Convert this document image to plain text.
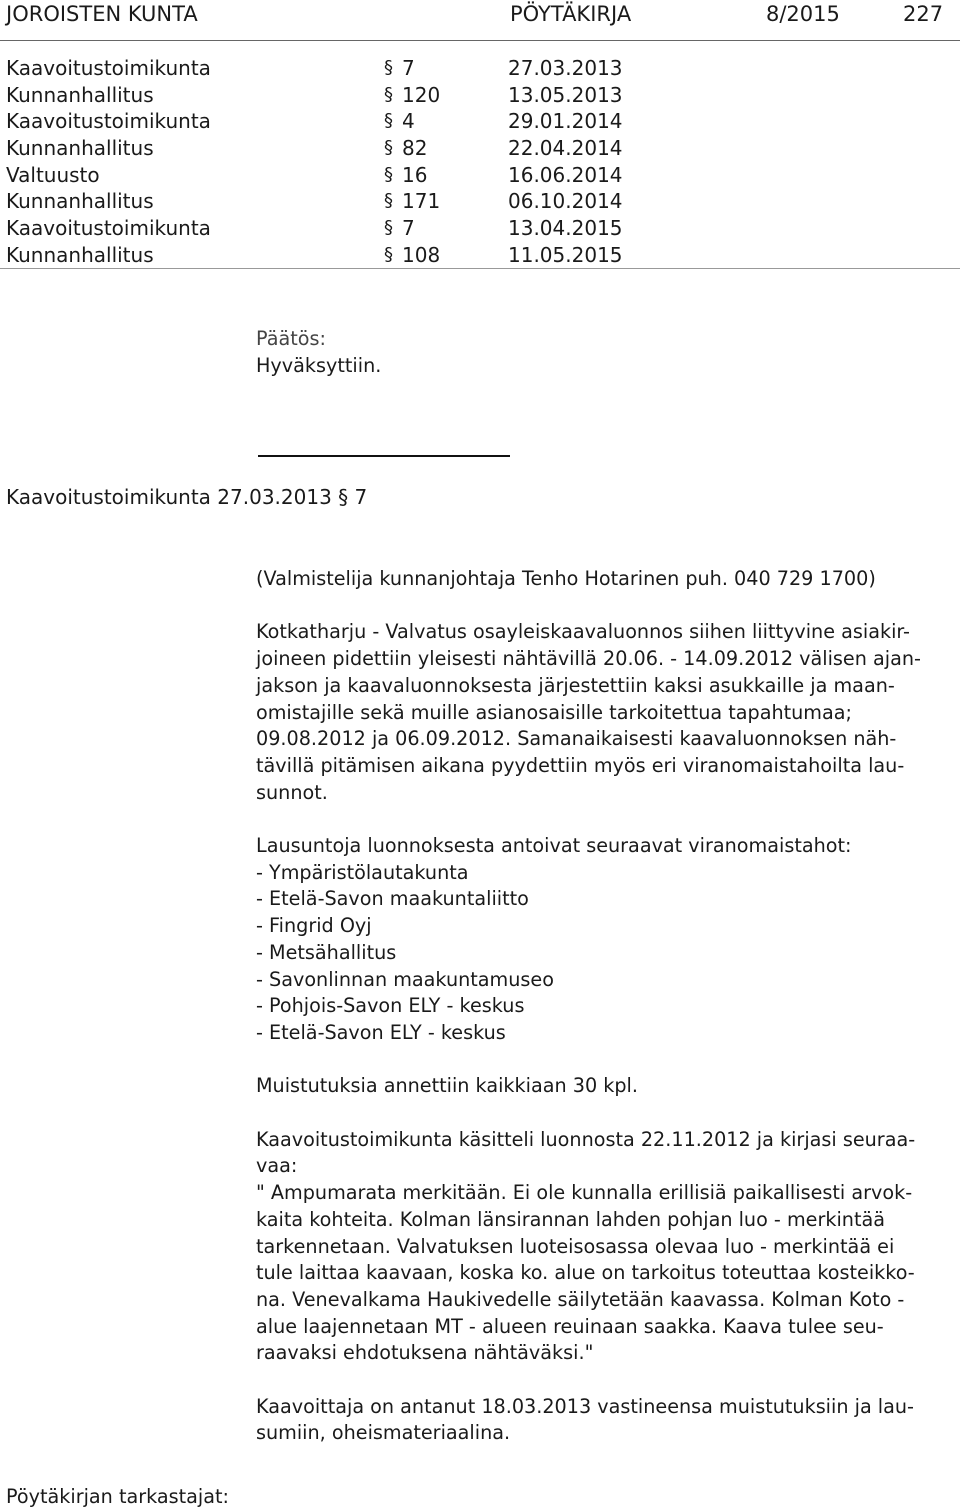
JOROISTEN KUNTA	PÖYTÄKIRJA	8/2015	227
Kaavoitustoimikunta	§ 7	27.03.2013
Kunnanhallitus	§ 120	13.05.2013
Kaavoitustoimikunta	§ 4	29.01.2014
Kunnanhallitus	§ 82	22.04.2014
Valtuusto	§ 16	16.06.2014
Kunnanhallitus	§ 171	06.10.2014
Kaavoitustoimikunta	§ 7	13.04.2015
Kunnanhallitus	§ 108	11.05.2015

Päätös:

Hyväksyttiin.

Kaavoitustoimikunta 27.03.2013 § 7
(Valmistelija kunnanjohtaja Tenho Hotarinen puh. 040 729 1700)
Kotkatharju - Valvatus osayleiskaavaluonnos siihen liittyvine asiakir-
joineen pidettiin yleisesti nähtävillä 20.06. - 14.09.2012 välisen ajan-
jakson ja kaavaluonnoksesta järjestettiin kaksi asukkaille ja maan-
omistajille sekä muille asianosaisille tarkoitettua tapahtumaa;
09.08.2012 ja 06.09.2012. Samanaikaisesti kaavaluonnoksen näh-
tävillä pitämisen aikana pyydettiin myös eri viranomaistahoilta lau-
sunnot.
Lausuntoja luonnoksesta antoivat seuraavat viranomaistahot:
- Ympäristölautakunta
- Etelä-Savon maakuntaliitto
- Fingrid Oyj
- Metsähallitus
- Savonlinnan maakuntamuseo
- Pohjois-Savon ELY - keskus
- Etelä-Savon ELY - keskus
Muistutuksia annettiin kaikkiaan 30 kpl.
Kaavoitustoimikunta käsitteli luonnosta 22.11.2012 ja kirjasi seuraa-
vaa:
" Ampumarata merkitään. Ei ole kunnalla erillisiä paikallisesti arvok-
kaita kohteita. Kolman länsirannan lahden pohjan luo - merkintää
tarkennetaan. Valvatuksen luoteisosassa olevaa luo - merkintää ei
tule laittaa kaavaan, koska ko. alue on tarkoitus toteuttaa kosteikko-
na. Venevalkama Haukivedelle säilytetään kaavassa. Kolman Koto -
alue laajennetaan MT - alueen reuinaan saakka. Kaava tulee seu-
raavaksi ehdotuksena nähtäväksi."
Kaavoittaja on antanut 18.03.2013 vastineensa muistutuksiin ja lau-
sumiin, oheismateriaalina.
Pöytäkirjan tarkastajat:
